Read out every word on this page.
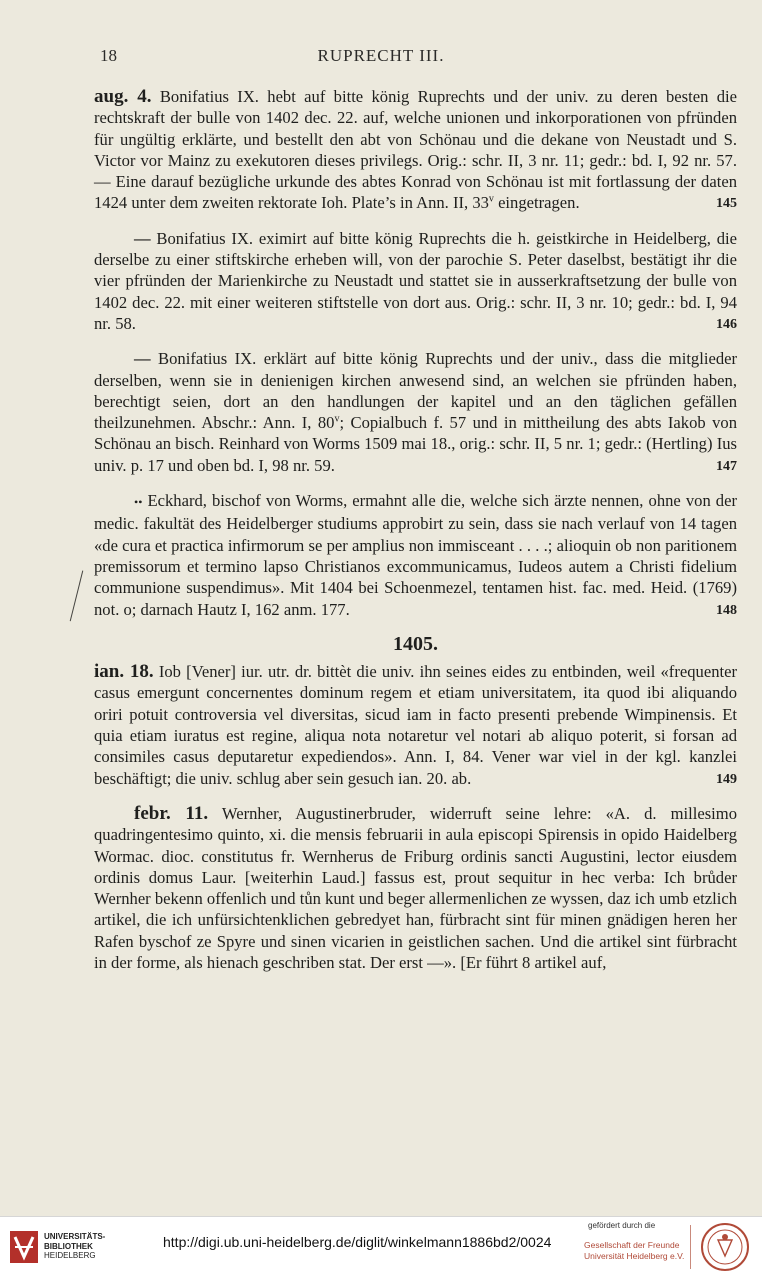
18	RUPRECHT III.

aug. 4. Bonifatius IX. hebt auf bitte könig Ruprechts und der univ. zu deren besten die rechtskraft der bulle von 1402 dec. 22. auf, welche unionen und inkorporationen von pfründen für ungültig erklärte, und bestellt den abt von Schönau und die dekane von Neustadt und S. Victor vor Mainz zu exekutoren dieses privilegs. Orig.: schr. II, 3 nr. 11; gedr.: bd. I, 92 nr. 57. — Eine darauf bezügliche urkunde des abtes Konrad von Schönau ist mit fortlassung der daten 1424 unter dem zweiten rektorate Ioh. Plate’s in Ann. II, 33$^v$ eingetragen.	145

— Bonifatius IX. eximirt auf bitte könig Ruprechts die h. geistkirche in Heidelberg, die derselbe zu einer stiftskirche erheben will, von der parochie S. Peter daselbst, bestätigt ihr die vier pfründen der Marienkirche zu Neustadt und stattet sie in ausserkraftsetzung der bulle von 1402 dec. 22. mit einer weiteren stiftstelle von dort aus. Orig.: schr. II, 3 nr. 10; gedr.: bd. I, 94 nr. 58.	146

— Bonifatius IX. erklärt auf bitte könig Ruprechts und der univ., dass die mitglieder derselben, wenn sie in denienigen kirchen anwesend sind, an welchen sie pfründen haben, berechtigt seien, dort an den handlungen der kapitel und an den täglichen gefällen theilzunehmen. Abschr.: Ann. I, 80$^v$; Copialbuch f. 57 und in mittheilung des abts Iakob von Schönau an bisch. Reinhard von Worms 1509 mai 18., orig.: schr. II, 5 nr. 1; gedr.: (Hertling) Ius univ. p. 17 und oben bd. I, 98 nr. 59.	147

•• Eckhard, bischof von Worms, ermahnt alle die, welche sich ärzte nennen, ohne von der medic. fakultät des Heidelberger studiums approbirt zu sein, dass sie nach verlauf von 14 tagen «de cura et practica infirmorum se per amplius non immisceant . . . .; alioquin ob non paritionem premissorum et termino lapso Christianos excommunicamus, Iudeos autem a Christi fidelium communione suspendimus». Mit 1404 bei Schoenmezel, tentamen hist. fac. med. Heid. (1769) not. o; darnach Hautz I, 162 anm. 177.	148

1405.

ian. 18. Iob [Vener] iur. utr. dr. bittèt die univ. ihn seines eides zu entbinden, weil «frequenter casus emergunt concernentes dominum regem et etiam universitatem, ita quod ibi aliquando oriri potuit controversia vel diversitas, sicud iam in facto presenti prebende Wimpinensis. Et quia etiam iuratus est regine, aliqua nota notaretur vel notari ab aliquo poterit, si forsan ad consimiles casus deputaretur expediendos». Ann. I, 84. Vener war viel in der kgl. kanzlei beschäftigt; die univ. schlug aber sein gesuch ian. 20. ab.	149

febr. 11. Wernher, Augustinerbruder, widerruft seine lehre: «A. d. millesimo quadringentesimo quinto, xi. die mensis februarii in aula episcopi Spirensis in opido Haidelberg Wormac. dioc. constitutus fr. Wernherus de Friburg ordinis sancti Augustini, lector eiusdem ordinis domus Laur. [weiterhin Laud.] fassus est, prout sequitur in hec verba: Ich brůder Wernher bekenn offenlich und tůn kunt und beger allermenlichen ze wyssen, daz ich umb etzlich artikel, die ich unfürsichtenklichen gebredyet han, fürbracht sint für minen gnädigen heren her Rafen byschof ze Spyre und sinen vicarien in geistlichen sachen. Und die artikel sint fürbracht in der forme, als hienach geschriben stat. Der erst —». [Er führt 8 artikel auf,

UNIVERSITÄTS-
BIBLIOTHEK
HEIDELBERG
http://digi.ub.uni-heidelberg.de/diglit/winkelmann1886bd2/0024
gefördert durch die
Gesellschaft der Freunde
Universität Heidelberg e.V.
